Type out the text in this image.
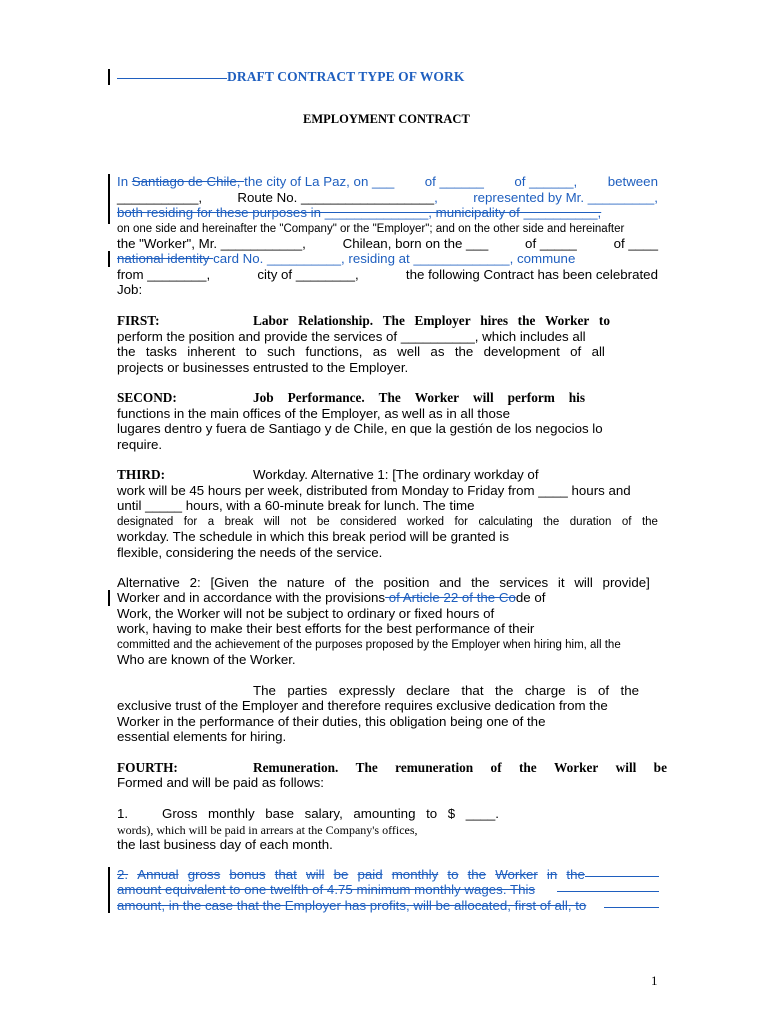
DRAFT CONTRACT TYPE OF WORK
EMPLOYMENT CONTRACT
In Santiago de Chile, the city of La Paz, on ___ of ______ of ______, between
___________,	Route No. __________________,	represented by Mr. _________,
both residing for these purposes in ______________, municipality of __________,
on one side and hereinafter the "Company" or the "Employer"; and on the other side and hereinafter
the "Worker", Mr. ___________,	Chilean, born on the ___	of _____	of ____
national identity card No. __________, residing at _____________, commune
from ________,	city of ________,	the following Contract has been celebrated
Job:
FIRST:	Labor Relationship. The Employer hires the Worker to
perform the position and provide the services of __________, which includes all
the tasks inherent to such functions, as well as the development of all
projects or businesses entrusted to the Employer.
SECOND:	Job Performance. The Worker will perform his
functions in the main offices of the Employer, as well as in all those
lugares dentro y fuera de Santiago y de Chile, en que la gestión de los negocios lo
require.
THIRD:	Workday. Alternative 1: [The ordinary workday of
work will be 45 hours per week, distributed from Monday to Friday from ____ hours and
until _____ hours, with a 60-minute break for lunch. The time
designated for a break will not be considered worked for calculating the duration of the
workday. The schedule in which this break period will be granted is
flexible, considering the needs of the service.
Alternative 2: [Given the nature of the position and the services it will provide]
Worker and in accordance with the provisions of Article 22 of the Code of
Work, the Worker will not be subject to ordinary or fixed hours of
work, having to make their best efforts for the best performance of their
committed and the achievement of the purposes proposed by the Employer when hiring him, all the
Who are known of the Worker.
The parties expressly declare that the charge is of the
exclusive trust of the Employer and therefore requires exclusive dedication from the
Worker in the performance of their duties, this obligation being one of the
essential elements for hiring.
FOURTH:	Remuneration. The remuneration of the Worker will be
Formed and will be paid as follows:
1.	Gross monthly base salary, amounting to $ ____.
words), which will be paid in arrears at the Company's offices,
the last business day of each month.
2. Annual gross bonus that will be paid monthly to the Worker in the
amount equivalent to one twelfth of 4.75 minimum monthly wages. This
amount, in the case that the Employer has profits, will be allocated, first of all, to
1
